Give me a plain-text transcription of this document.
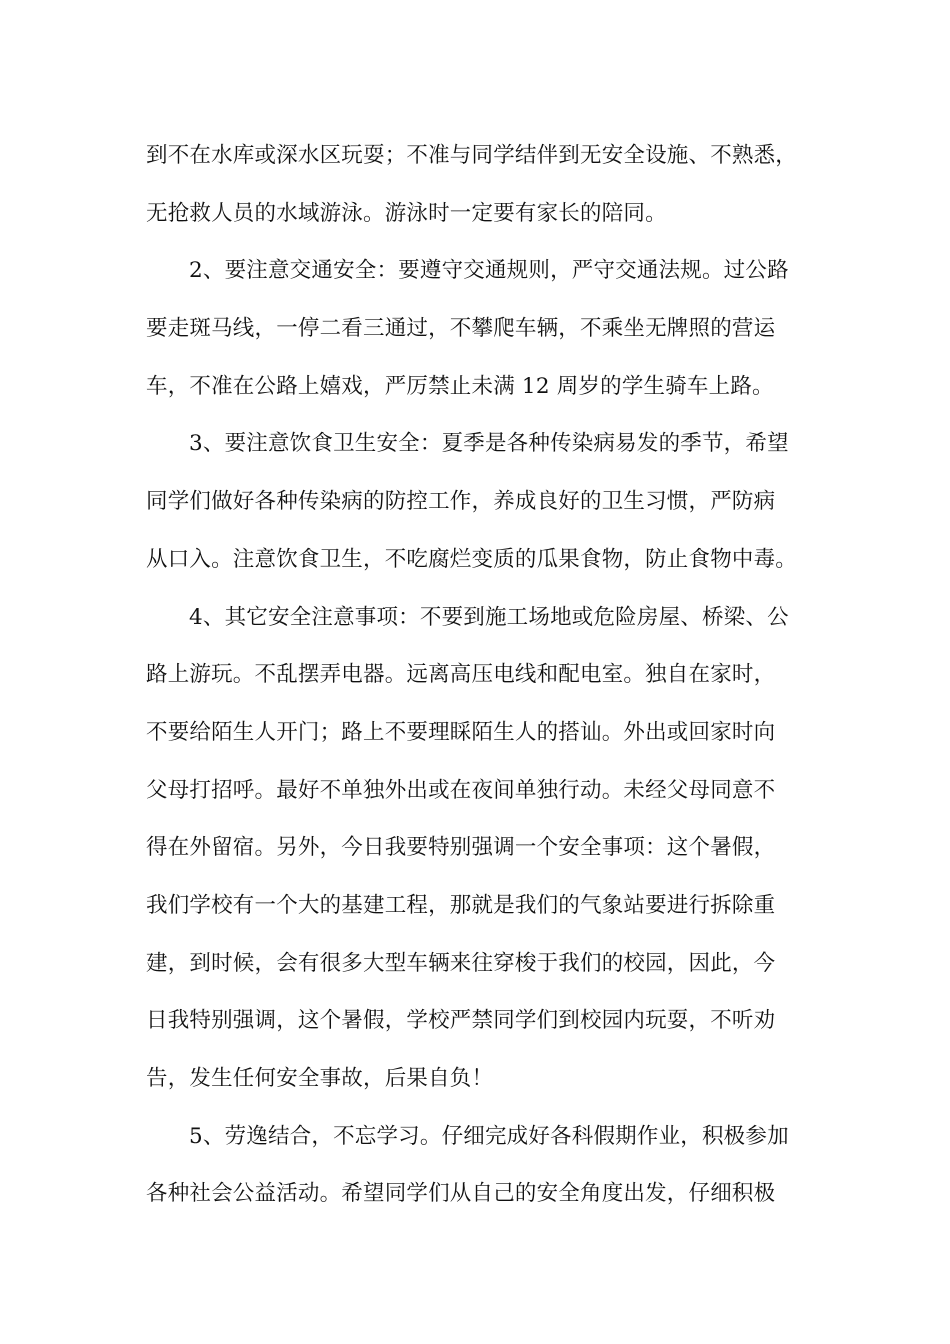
到不在水库或深水区玩耍；不准与同学结伴到无安全设施、不熟悉，
无抢救人员的水域游泳。游泳时一定要有家长的陪同。
2、要注意交通安全：要遵守交通规则，严守交通法规。过公路
要走斑马线，一停二看三通过，不攀爬车辆，不乘坐无牌照的营运
车，不准在公路上嬉戏，严厉禁止未满 12 周岁的学生骑车上路。
3、要注意饮食卫生安全：夏季是各种传染病易发的季节，希望
同学们做好各种传染病的防控工作，养成良好的卫生习惯，严防病
从口入。注意饮食卫生，不吃腐烂变质的瓜果食物，防止食物中毒。
4、其它安全注意事项：不要到施工场地或危险房屋、桥梁、公
路上游玩。不乱摆弄电器。远离高压电线和配电室。独自在家时，
不要给陌生人开门；路上不要理睬陌生人的搭讪。外出或回家时向
父母打招呼。最好不单独外出或在夜间单独行动。未经父母同意不
得在外留宿。另外，今日我要特别强调一个安全事项：这个暑假，
我们学校有一个大的基建工程，那就是我们的气象站要进行拆除重
建，到时候，会有很多大型车辆来往穿梭于我们的校园，因此，今
日我特别强调，这个暑假，学校严禁同学们到校园内玩耍，不听劝
告，发生任何安全事故，后果自负！
5、劳逸结合，不忘学习。仔细完成好各科假期作业，积极参加
各种社会公益活动。希望同学们从自己的安全角度出发，仔细积极
